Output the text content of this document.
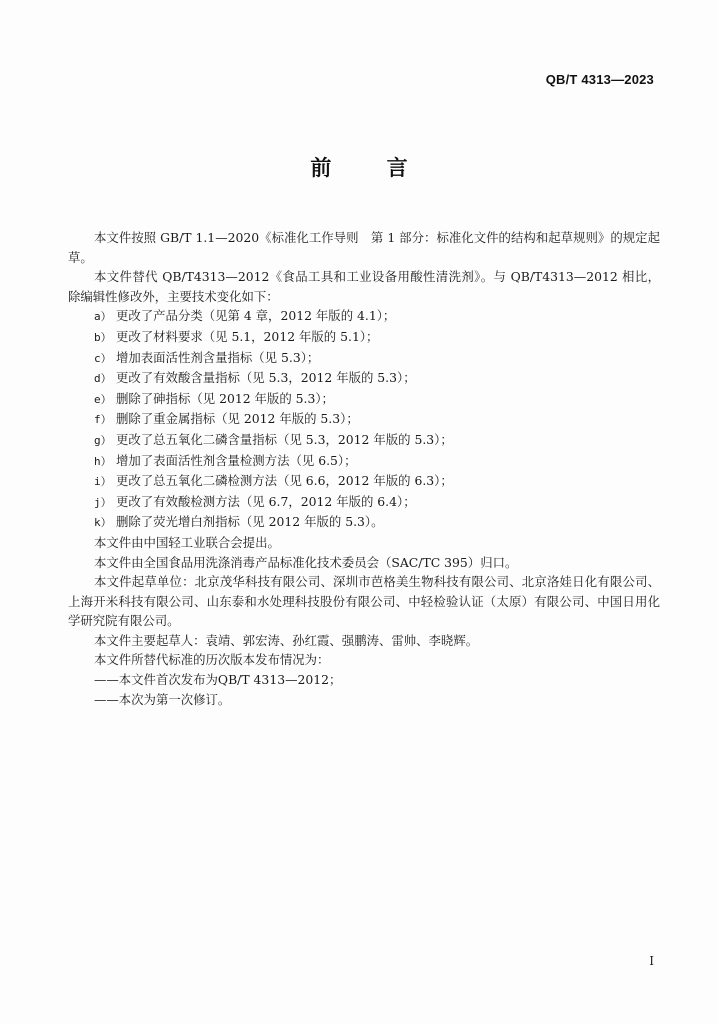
QB/T 4313—2023
前 言

本文件按照 GB/T 1.1—2020《标准化工作导则　第 1 部分：标准化文件的结构和起草规则》的规定起草。

本文件替代 QB/T4313—2012《食品工具和工业设备用酸性清洗剂》。与 QB/T4313—2012 相比，除编辑性修改外，主要技术变化如下：

a） 更改了产品分类（见第 4 章，2012 年版的 4.1）；

b） 更改了材料要求（见 5.1，2012 年版的 5.1）；

c） 增加表面活性剂含量指标（见 5.3）；

d） 更改了有效酸含量指标（见 5.3，2012 年版的 5.3）；

e） 删除了砷指标（见 2012 年版的 5.3）；

f） 删除了重金属指标（见 2012 年版的 5.3）；

g） 更改了总五氧化二磷含量指标（见 5.3，2012 年版的 5.3）；

h） 增加了表面活性剂含量检测方法（见 6.5）；

i） 更改了总五氧化二磷检测方法（见 6.6，2012 年版的 6.3）；

j） 更改了有效酸检测方法（见 6.7，2012 年版的 6.4）；

k） 删除了荧光增白剂指标（见 2012 年版的 5.3）。

本文件由中国轻工业联合会提出。

本文件由全国食品用洗涤消毒产品标准化技术委员会（SAC/TC 395）归口。

本文件起草单位：北京茂华科技有限公司、深圳市芭格美生物科技有限公司、北京洛娃日化有限公司、上海开米科技有限公司、山东泰和水处理科技股份有限公司、中轻检验认证（太原）有限公司、中国日用化学研究院有限公司。

本文件主要起草人：袁靖、郭宏涛、孙红霞、强鹏涛、雷帅、李晓辉。

本文件所替代标准的历次版本发布情况为：

——本文件首次发布为QB/T 4313—2012；

——本次为第一次修订。

I
